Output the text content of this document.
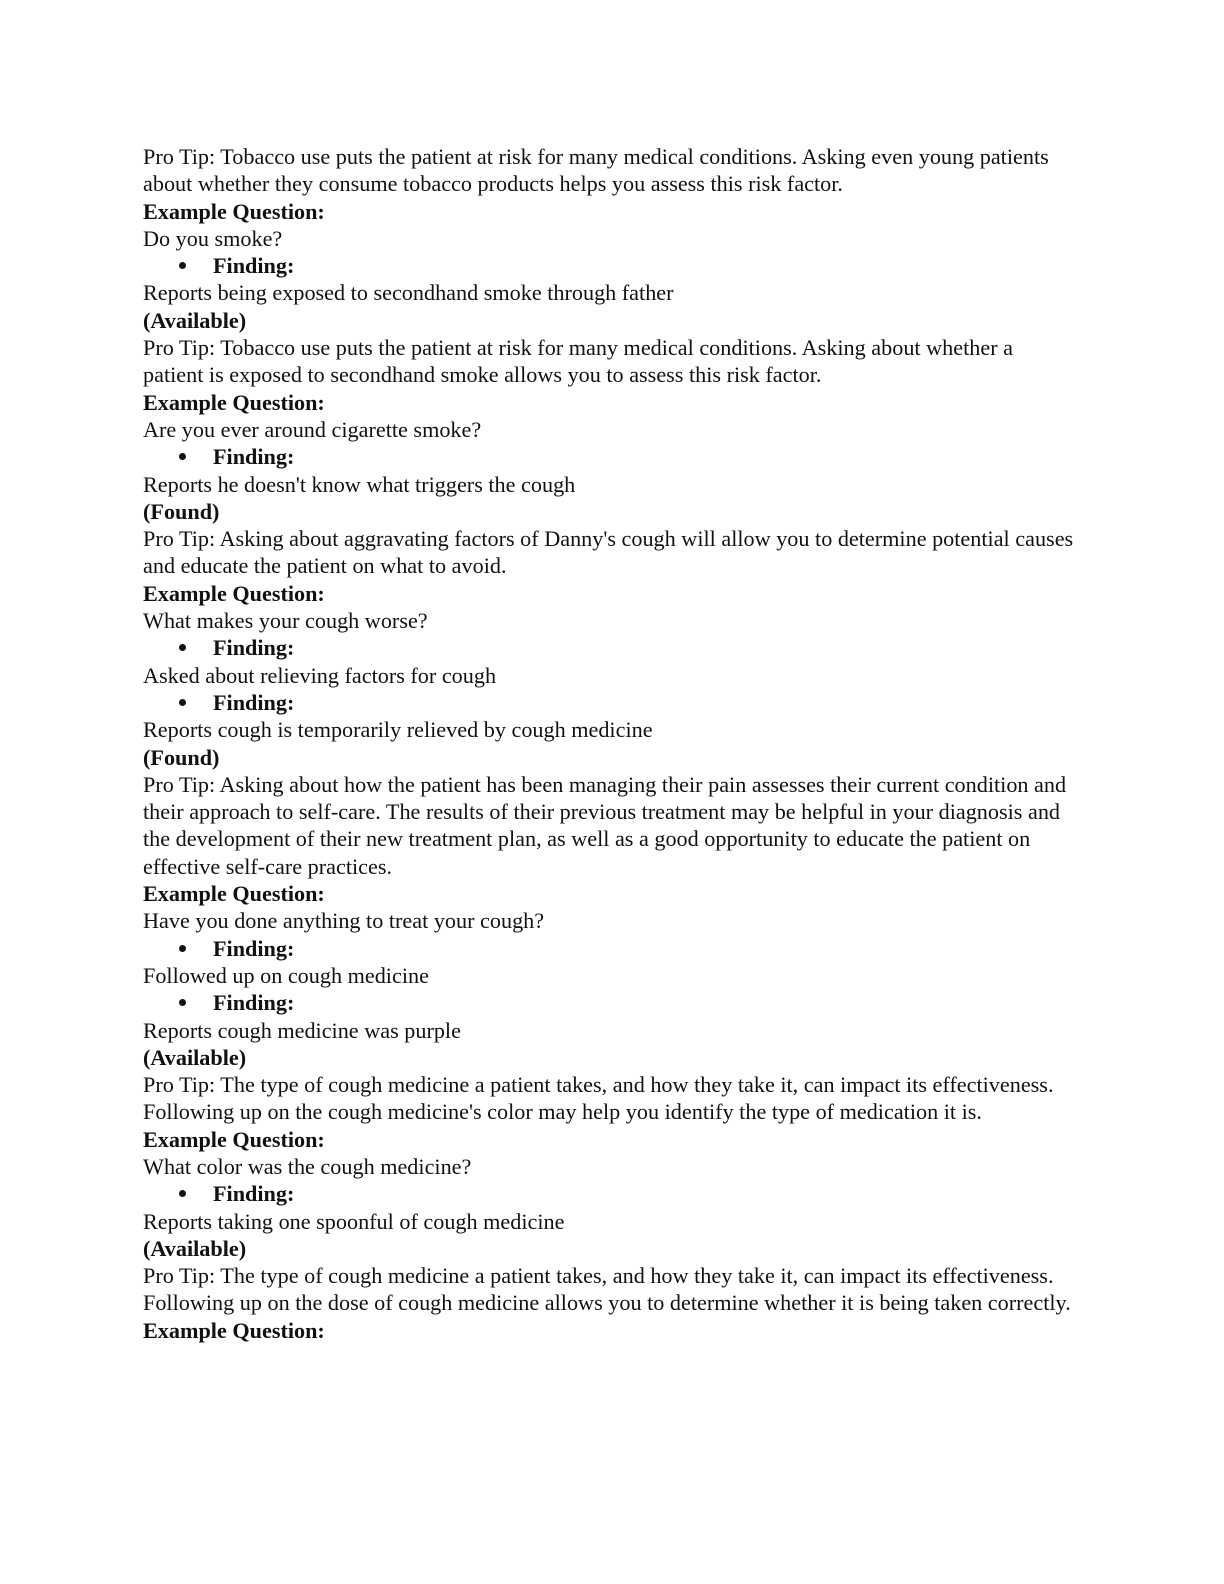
Pro Tip: Tobacco use puts the patient at risk for many medical conditions. Asking even young patients about whether they consume tobacco products helps you assess this risk factor.
Example Question:
Do you smoke?
Finding:
Reports being exposed to secondhand smoke through father
(Available)
Pro Tip: Tobacco use puts the patient at risk for many medical conditions. Asking about whether a patient is exposed to secondhand smoke allows you to assess this risk factor.
Example Question:
Are you ever around cigarette smoke?
Finding:
Reports he doesn't know what triggers the cough
(Found)
Pro Tip: Asking about aggravating factors of Danny's cough will allow you to determine potential causes and educate the patient on what to avoid.
Example Question:
What makes your cough worse?
Finding:
Asked about relieving factors for cough
Finding:
Reports cough is temporarily relieved by cough medicine
(Found)
Pro Tip: Asking about how the patient has been managing their pain assesses their current condition and their approach to self-care. The results of their previous treatment may be helpful in your diagnosis and the development of their new treatment plan, as well as a good opportunity to educate the patient on effective self-care practices.
Example Question:
Have you done anything to treat your cough?
Finding:
Followed up on cough medicine
Finding:
Reports cough medicine was purple
(Available)
Pro Tip: The type of cough medicine a patient takes, and how they take it, can impact its effectiveness. Following up on the cough medicine's color may help you identify the type of medication it is.
Example Question:
What color was the cough medicine?
Finding:
Reports taking one spoonful of cough medicine
(Available)
Pro Tip: The type of cough medicine a patient takes, and how they take it, can impact its effectiveness. Following up on the dose of cough medicine allows you to determine whether it is being taken correctly.
Example Question:
